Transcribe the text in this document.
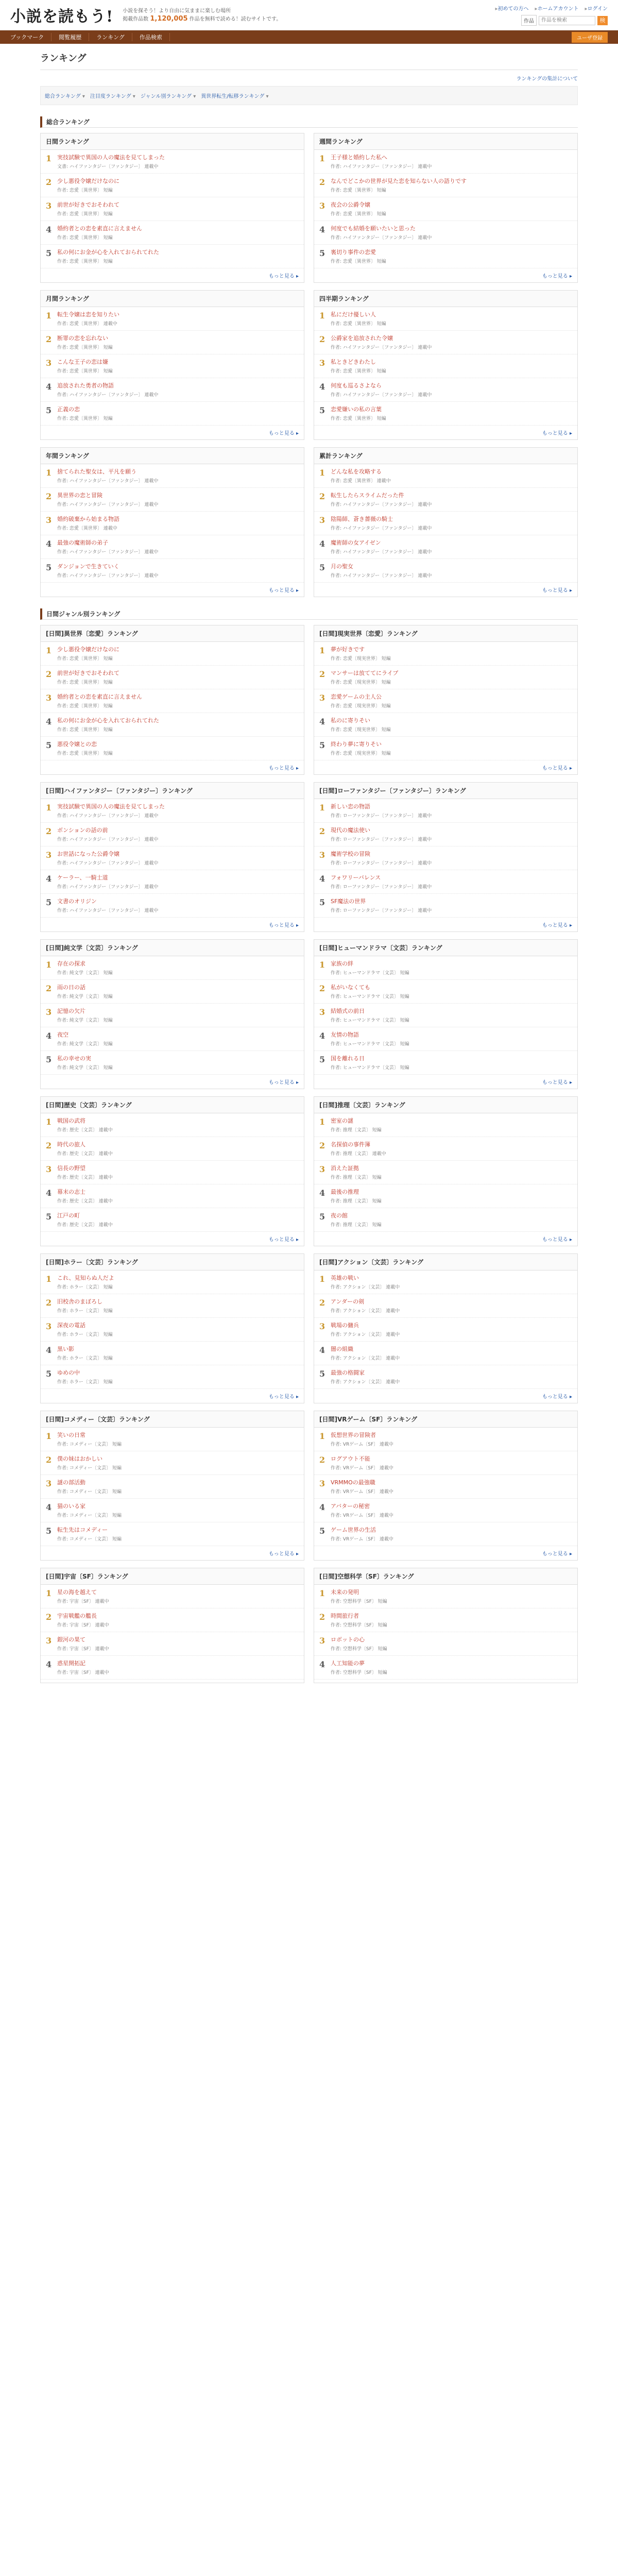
小説を読もう! 小説を探そう！より自由に気ままに楽しむ場所
掲載作品数 1,120,005 作品を無料で読める！読むサイトです。
▸ 初めての方へ	▸ ホームアカウント	▸ ログイン
作品
作品を検索	検
ブックマーク	閲覧履歴	ランキング	作品検索	ユーザ登録
ランキング
ランキングの集計について
総合ランキング ▾	注目度ランキング ▾	ジャンル別ランキング ▾	異世界転生/転移ランキング ▾
総合ランキング
日間ランキング
1 実技試験で異国の人の魔法を見てしまった
文書: ハイファンタジー〔ファンタジー〕 連載中
2 少し悪役令嬢だけなのに
作者: 恋愛〔異世界〕 短編
3 前世が好きでおそわれて
作者: 恋愛〔異世界〕 短編
4 婚約者との恋を素直に言えません
作者: 恋愛〔異世界〕 短編
5 私の何にお金が心を入れておられてれた
作者: 恋愛〔異世界〕 短編
もっと見る ▸
週間ランキング
1 王子様と婚約した私へ
作者: ハイファンタジー〔ファンタジー〕 連載中
2 なんでどこかの世界が見た恋を知らない人の語りです
作者: 恋愛〔異世界〕 短編
3 夜会の公爵令嬢
作者: 恋愛〔異世界〕 短編
4 何度でも結婚を願いたいと思った
作者: ハイファンタジー〔ファンタジー〕 連載中
5 裏切り事件の恋愛
作者: 恋愛〔異世界〕 短編
もっと見る ▸
月間ランキング
1 転生令嬢は恋を知りたい
作者: 恋愛〔異世界〕 連載中
2 断罪の恋を忘れない
作者: 恋愛〔異世界〕 短編
3 こんな王子の恋は嫌
作者: 恋愛〔異世界〕 短編
4 追放された勇者の物語
作者: ハイファンタジー〔ファンタジー〕 連載中
5 正義の恋
作者: 恋愛〔異世界〕 短編
もっと見る ▸
四半期ランキング
1 私にだけ優しい人
作者: 恋愛〔異世界〕 短編
2 公爵家を追放された令嬢
作者: ハイファンタジー〔ファンタジー〕 連載中
3 私ときどきわたし
作者: 恋愛〔異世界〕 短編
4 何度も巡るさよなら
作者: ハイファンタジー〔ファンタジー〕 連載中
5 恋愛嫌いの私の言葉
作者: 恋愛〔異世界〕 短編
もっと見る ▸
年間ランキング
1 捨てられた聖女は、平凡を願う
作者: ハイファンタジー〔ファンタジー〕 連載中
2 異世界の恋と冒険
作者: ハイファンタジー〔ファンタジー〕 連載中
3 婚約破棄から始まる物語
作者: 恋愛〔異世界〕 連載中
4 最強の魔術師の弟子
作者: ハイファンタジー〔ファンタジー〕 連載中
5 ダンジョンで生きていく
作者: ハイファンタジー〔ファンタジー〕 連載中
もっと見る ▸
累計ランキング
1 どんな私を攻略する
作者: 恋愛〔異世界〕 連載中
2 転生したらスライムだった件
作者: ハイファンタジー〔ファンタジー〕 連載中
3 陰陽師、蒼き薔薇の騎士
作者: ハイファンタジー〔ファンタジー〕 連載中
4 魔術師の女アイゼン
作者: ハイファンタジー〔ファンタジー〕 連載中
5 月の聖女
作者: ハイファンタジー〔ファンタジー〕 連載中
もっと見る ▸
日間ジャンル別ランキング
[日間]異世界〔恋愛〕ランキング
1 少し悪役令嬢だけなのに
作者: 恋愛〔異世界〕 短編
2 前世が好きでおそわれて
作者: 恋愛〔異世界〕 短編
3 婚約者との恋を素直に言えません
作者: 恋愛〔異世界〕 短編
4 私の何にお金が心を入れておられてれた
作者: 恋愛〔異世界〕 短編
5 悪役令嬢との恋
作者: 恋愛〔異世界〕 短編
もっと見る ▸
[日間]現実世界〔恋愛〕ランキング
1 夢が好きです
作者: 恋愛〔現実世界〕 短編
2 マンサーは放ててにライブ
作者: 恋愛〔現実世界〕 短編
3 恋愛ゲームの主人公
作者: 恋愛〔現実世界〕 短編
4 私のに寄りそい
作者: 恋愛〔現実世界〕 短編
5 終わり夢に寄りそい
作者: 恋愛〔現実世界〕 短編
もっと見る ▸
[日間]ハイファンタジー〔ファンタジー〕ランキング
1 実技試験で異国の人の魔法を見てしまった
作者: ハイファンタジー〔ファンタジー〕 連載中
2 ボンションの話の前
作者: ハイファンタジー〔ファンタジー〕 連載中
3 お世話になった公爵令嬢
作者: ハイファンタジー〔ファンタジー〕 連載中
4 ケーラー、一騎士道
作者: ハイファンタジー〔ファンタジー〕 連載中
5 文書のオリジン
作者: ハイファンタジー〔ファンタジー〕 連載中
もっと見る ▸
[日間]ローファンタジー〔ファンタジー〕ランキング
1 新しい恋の物語
作者: ローファンタジー〔ファンタジー〕 連載中
2 現代の魔法使い
作者: ローファンタジー〔ファンタジー〕 連載中
3 魔術学校の冒険
作者: ローファンタジー〔ファンタジー〕 連載中
4 フォワリーバレンス
作者: ローファンタジー〔ファンタジー〕 連載中
5 SF魔法の世界
作者: ローファンタジー〔ファンタジー〕 連載中
もっと見る ▸
[日間]純文学〔文芸〕ランキング
1 存在の探求
作者: 純文学〔文芸〕 短編
2 雨の日の話
作者: 純文学〔文芸〕 短編
3 記憶の欠片
作者: 純文学〔文芸〕 短編
4 夜空
作者: 純文学〔文芸〕 短編
5 私の幸せの実
作者: 純文学〔文芸〕 短編
もっと見る ▸
[日間]ヒューマンドラマ〔文芸〕ランキング
1 家族の絆
作者: ヒューマンドラマ〔文芸〕 短編
2 私がいなくても
作者: ヒューマンドラマ〔文芸〕 短編
3 結婚式の前日
作者: ヒューマンドラマ〔文芸〕 短編
4 友情の物語
作者: ヒューマンドラマ〔文芸〕 短編
5 国を離れる日
作者: ヒューマンドラマ〔文芸〕 短編
もっと見る ▸
[日間]歴史〔文芸〕ランキング
1 戦国の武将
作者: 歴史〔文芸〕 連載中
2 時代の旅人
作者: 歴史〔文芸〕 連載中
3 信長の野望
作者: 歴史〔文芸〕 連載中
4 幕末の志士
作者: 歴史〔文芸〕 連載中
5 江戸の町
作者: 歴史〔文芸〕 連載中
もっと見る ▸
[日間]推理〔文芸〕ランキング
1 密室の謎
作者: 推理〔文芸〕 短編
2 名探偵の事件簿
作者: 推理〔文芸〕 連載中
3 消えた証拠
作者: 推理〔文芸〕 短編
4 最後の推理
作者: 推理〔文芸〕 短編
5 夜の館
作者: 推理〔文芸〕 短編
もっと見る ▸
[日間]ホラー〔文芸〕ランキング
1 これ、見知らぬ人だよ
作者: ホラー〔文芸〕 短編
2 旧校舎のまぼろし
作者: ホラー〔文芸〕 短編
3 深夜の電話
作者: ホラー〔文芸〕 短編
4 黒い影
作者: ホラー〔文芸〕 短編
5 ゆめの中
作者: ホラー〔文芸〕 短編
もっと見る ▸
[日間]アクション〔文芸〕ランキング
1 英雄の戦い
作者: アクション〔文芸〕 連載中
2 アンダーの剣
作者: アクション〔文芸〕 連載中
3 戦場の傭兵
作者: アクション〔文芸〕 連載中
4 闇の組織
作者: アクション〔文芸〕 連載中
5 最強の格闘家
作者: アクション〔文芸〕 連載中
もっと見る ▸
[日間]コメディー〔文芸〕ランキング
1 笑いの日常
作者: コメディー〔文芸〕 短編
2 僕の妹はおかしい
作者: コメディー〔文芸〕 短編
3 謎の部活動
作者: コメディー〔文芸〕 短編
4 猫のいる家
作者: コメディー〔文芸〕 短編
5 転生先はコメディー
作者: コメディー〔文芸〕 短編
もっと見る ▸
[日間]VRゲーム〔SF〕ランキング
1 仮想世界の冒険者
作者: VRゲーム〔SF〕 連載中
2 ログアウト不能
作者: VRゲーム〔SF〕 連載中
3 VRMMOの最強職
作者: VRゲーム〔SF〕 連載中
4 アバターの秘密
作者: VRゲーム〔SF〕 連載中
5 ゲーム世界の生活
作者: VRゲーム〔SF〕 連載中
もっと見る ▸
[日間]宇宙〔SF〕ランキング
1 星の海を越えて
作者: 宇宙〔SF〕 連載中
2 宇宙戦艦の艦長
作者: 宇宙〔SF〕 連載中
3 銀河の果て
作者: 宇宙〔SF〕 連載中
4 惑星開拓記
作者: 宇宙〔SF〕 連載中
[日間]空想科学〔SF〕ランキング
1 未来の発明
作者: 空想科学〔SF〕 短編
2 時間旅行者
作者: 空想科学〔SF〕 短編
3 ロボットの心
作者: 空想科学〔SF〕 短編
4 人工知能の夢
作者: 空想科学〔SF〕 短編
